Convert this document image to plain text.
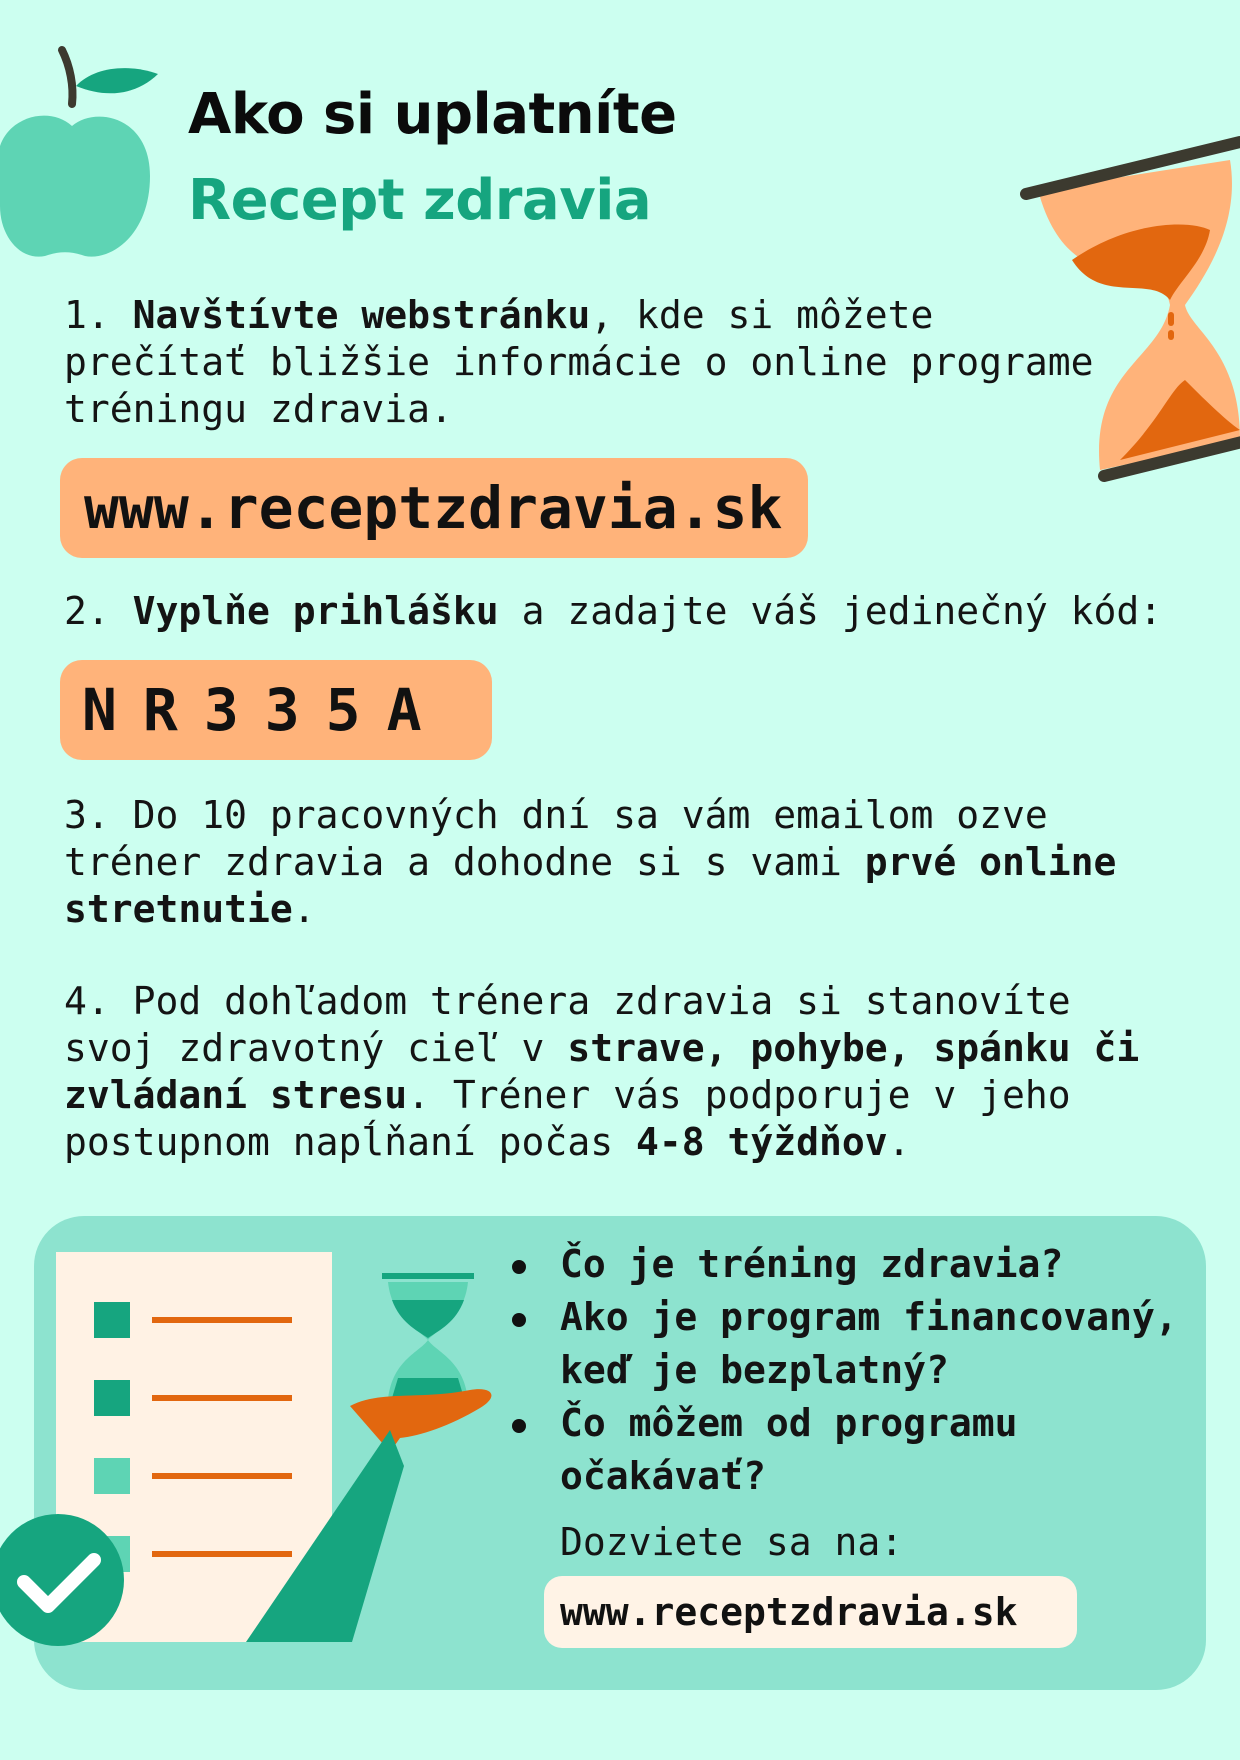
Ako si uplatníte
Recept zdravia

1. Navštívte webstránku, kde si môžete
prečítať bližšie informácie o online programe
tréningu zdravia.

www.receptzdravia.sk

2. Vyplňe prihlášku a zadajte váš jedinečný kód:

NR335A

3. Do 10 pracovných dní sa vám emailom ozve
tréner zdravia a dohodne si s vami prvé online
stretnutie.

4. Pod dohľadom trénera zdravia si stanovíte
svoj zdravotný cieľ v strave, pohybe, spánku či
zvládaní stresu. Tréner vás podporuje v jeho
postupnom napĺňaní počas 4-8 týždňov.

Čo je tréning zdravia?
Ako je program financovaný, keď je bezplatný?
Čo môžem od programu očakávať?

Dozviete sa na:

www.receptzdravia.sk
